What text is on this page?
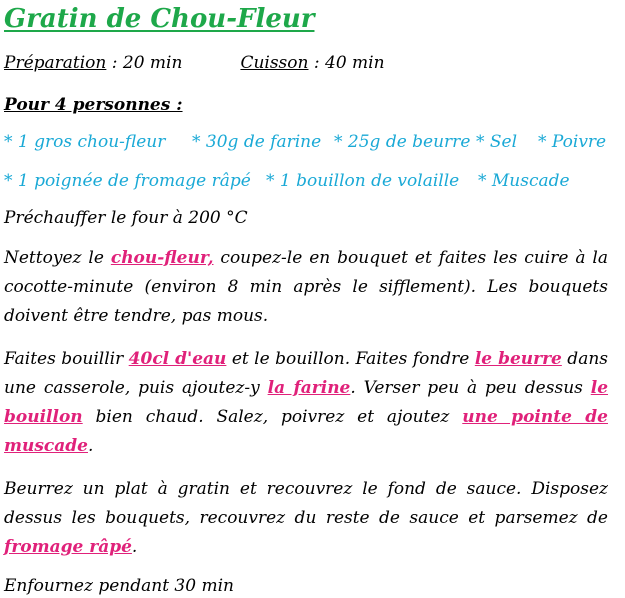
Gratin de Chou-Fleur
Préparation : 20 min	Cuisson : 40 min
Pour 4 personnes :
* 1 gros chou-fleur * 30g de farine * 25g de beurre * Sel * Poivre
* 1 poignée de fromage râpé * 1 bouillon de volaille * Muscade
Préchauffer le four à 200 °C

Nettoyez le chou-fleur, coupez-le en bouquet et faites les cuire à la cocotte-minute (environ 8 min après le sifflement). Les bouquets doivent être tendre, pas mous.

Faites bouillir 40cl d'eau et le bouillon. Faites fondre le beurre dans une casserole, puis ajoutez-y la farine. Verser peu à peu dessus le bouillon bien chaud. Salez, poivrez et ajoutez une pointe de muscade.

Beurrez un plat à gratin et recouvrez le fond de sauce. Disposez dessus les bouquets, recouvrez du reste de sauce et parsemez de fromage râpé.

Enfournez pendant 30 min
